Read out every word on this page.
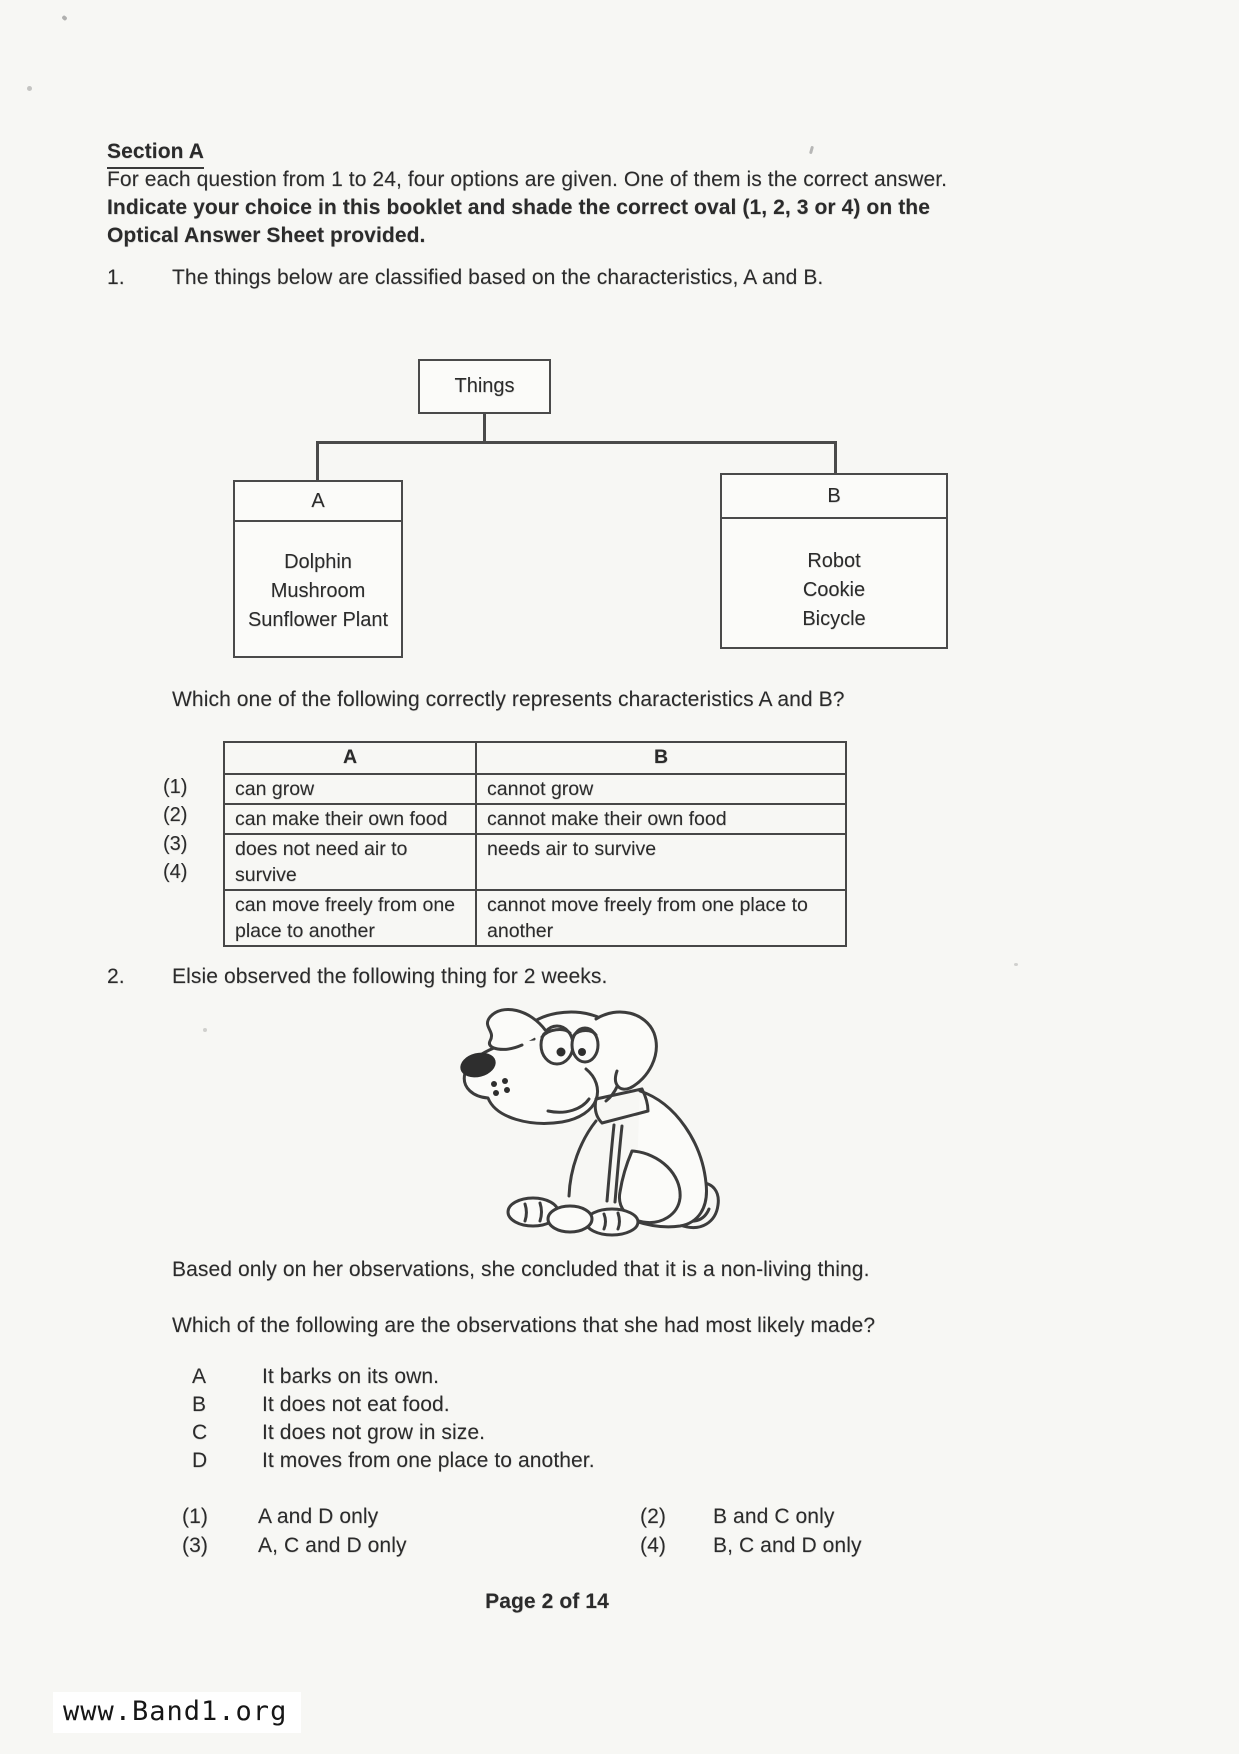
Section A
For each question from 1 to 24, four options are given. One of them is the correct answer.
Indicate your choice in this booklet and shade the correct oval (1, 2, 3 or 4) on the
Optical Answer Sheet provided.
1. The things below are classified based on the characteristics, A and B.
Things
A
Dolphin
Mushroom
Sunflower Plant
B
Robot
Cookie
Bicycle
Which one of the following correctly represents characteristics A and B?
(1)
(2)
(3)
(4)
A	B
can grow	cannot grow
can make their own food	cannot make their own food
does not need air to survive	needs air to survive
can move freely from one place to another	cannot move freely from one place to another
2. Elsie observed the following thing for 2 weeks.
Based only on her observations, she concluded that it is a non-living thing.
Which of the following are the observations that she had most likely made?
A	It barks on its own.
B	It does not eat food.
C	It does not grow in size.
D	It moves from one place to another.
(1) A and D only	(2) B and C only
(3) A, C and D only	(4) B, C and D only
Page 2 of 14
www.Band1.org
